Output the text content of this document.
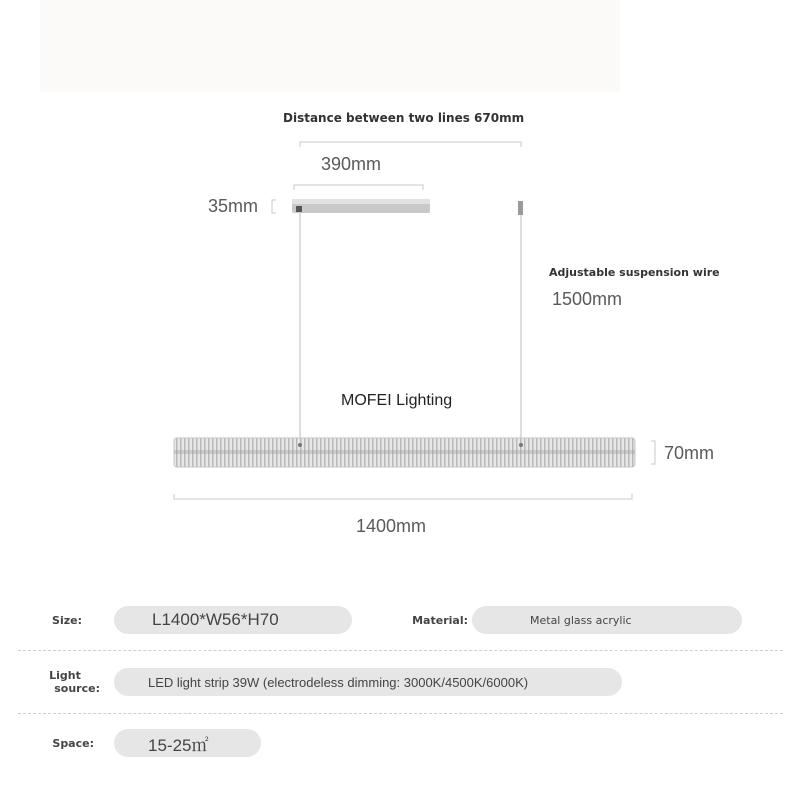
Distance between two lines 670mm
390mm
35mm
Adjustable suspension wire
1500mm
MOFEI Lighting
70mm
1400mm
Size:	L1400*W56*H70	Material:	Metal glass acrylic
Light
source:	LED light strip 39W (electrodeless dimming: 3000K/4500K/6000K)
Space:	15-25㎡
